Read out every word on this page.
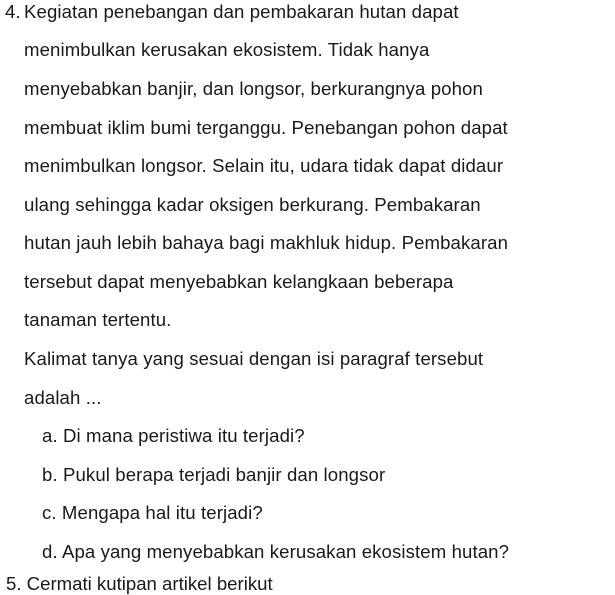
4. Kegiatan penebangan dan pembakaran hutan dapat
menimbulkan kerusakan ekosistem. Tidak hanya
menyebabkan banjir, dan longsor, berkurangnya pohon
membuat iklim bumi terganggu. Penebangan pohon dapat
menimbulkan longsor. Selain itu, udara tidak dapat didaur
ulang sehingga kadar oksigen berkurang. Pembakaran
hutan jauh lebih bahaya bagi makhluk hidup. Pembakaran
tersebut dapat menyebabkan kelangkaan beberapa
tanaman tertentu.
Kalimat tanya yang sesuai dengan isi paragraf tersebut
adalah ...
a. Di mana peristiwa itu terjadi?
b. Pukul berapa terjadi banjir dan longsor
c. Mengapa hal itu terjadi?
d. Apa yang menyebabkan kerusakan ekosistem hutan?
5. Cermati kutipan artikel berikut
